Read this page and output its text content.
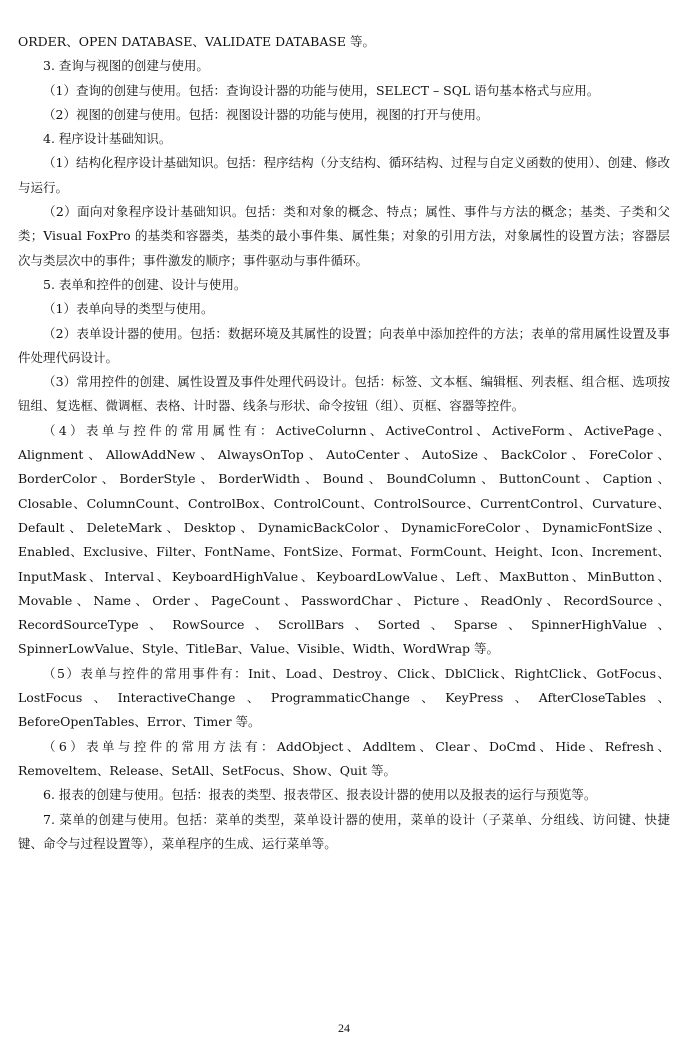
ORDER、OPEN DATABASE、VALIDATE DATABASE 等。

3. 查询与视图的创建与使用。

（1）查询的创建与使用。包括：查询设计器的功能与使用，SELECT – SQL 语句基本格式与应用。

（2）视图的创建与使用。包括：视图设计器的功能与使用，视图的打开与使用。

4. 程序设计基础知识。

（1）结构化程序设计基础知识。包括：程序结构（分支结构、循环结构、过程与自定义函数的使用）、创建、修改与运行。

（2）面向对象程序设计基础知识。包括：类和对象的概念、特点；属性、事件与方法的概念；基类、子类和父类；Visual FoxPro 的基类和容器类，基类的最小事件集、属性集；对象的引用方法，对象属性的设置方法；容器层次与类层次中的事件；事件激发的顺序；事件驱动与事件循环。

5. 表单和控件的创建、设计与使用。

（1）表单向导的类型与使用。

（2）表单设计器的使用。包括：数据环境及其属性的设置；向表单中添加控件的方法；表单的常用属性设置及事件处理代码设计。

（3）常用控件的创建、属性设置及事件处理代码设计。包括：标签、文本框、编辑框、列表框、组合框、选项按钮组、复选框、微调框、表格、计时器、线条与形状、命令按钮（组）、页框、容器等控件。

（4）表单与控件的常用属性有：ActiveColurnn、ActiveControl、ActiveForm、ActivePage、Alignment、AllowAddNew、AlwaysOnTop、AutoCenter、AutoSize、BackColor、ForeColor、BorderColor、BorderStyle、BorderWidth、Bound、BoundColumn、ButtonCount、Caption、Closable、ColumnCount、ControlBox、ControlCount、ControlSource、CurrentControl、Curvature、Default、DeleteMark、Desktop、DynamicBackColor、DynamicForeColor、DynamicFontSize、Enabled、Exclusive、Filter、FontName、FontSize、Format、FormCount、Height、Icon、Increment、InputMask、Interval、KeyboardHighValue、KeyboardLowValue、Left、MaxButton、MinButton、Movable、Name、Order、PageCount、PasswordChar、Picture、ReadOnly、RecordSource、RecordSourceType、RowSource、ScrollBars、Sorted、Sparse、SpinnerHighValue、SpinnerLowValue、Style、TitleBar、Value、Visible、Width、WordWrap 等。

（5）表单与控件的常用事件有：Init、Load、Destroy、Click、DblClick、RightClick、GotFocus、LostFocus、InteractiveChange、ProgrammaticChange、KeyPress、AfterCloseTables、BeforeOpenTables、Error、Timer 等。

（6）表单与控件的常用方法有：AddObject、Addltem、Clear、DoCmd、Hide、Refresh、Removeltem、Release、SetAll、SetFocus、Show、Quit 等。

6. 报表的创建与使用。包括：报表的类型、报表带区、报表设计器的使用以及报表的运行与预览等。

7. 菜单的创建与使用。包括：菜单的类型，菜单设计器的使用，菜单的设计（子菜单、分组线、访问键、快捷键、命令与过程设置等），菜单程序的生成、运行菜单等。

24
